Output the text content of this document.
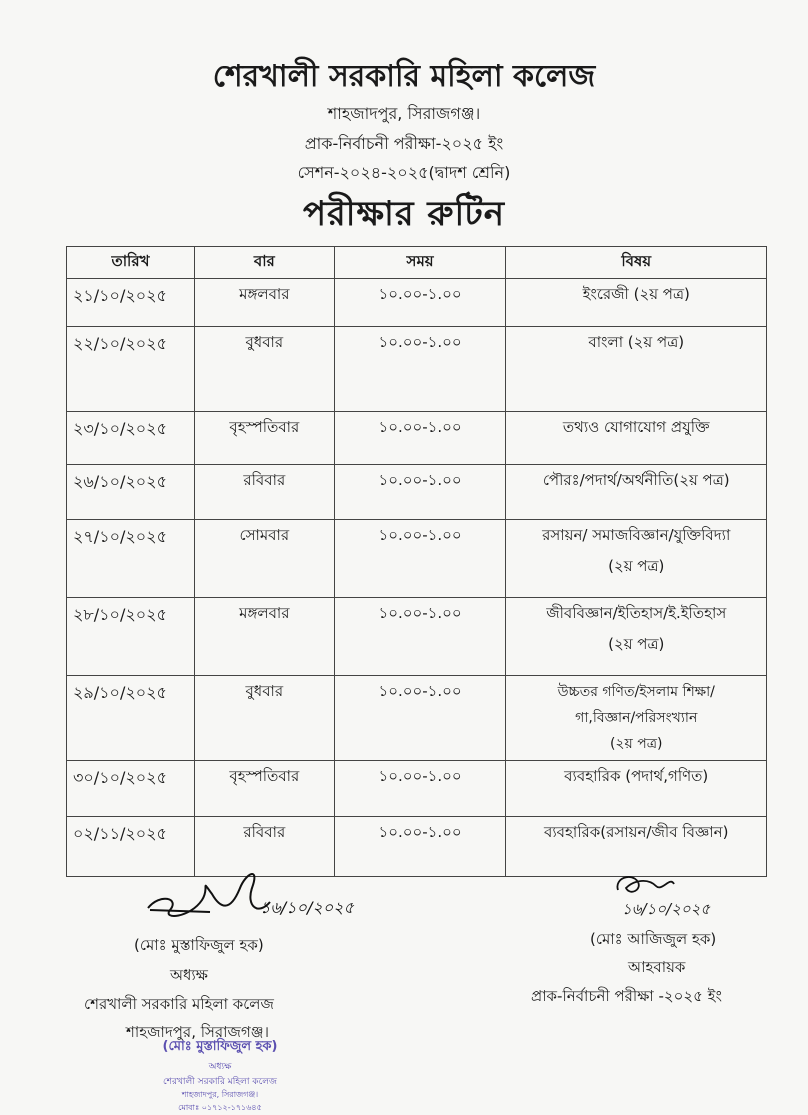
শেরখালী সরকারি মহিলা কলেজ
শাহজাদপুর, সিরাজগঞ্জ।
প্রাক-নির্বাচনী পরীক্ষা-২০২৫ ইং
সেশন-২০২৪-২০২৫(দ্বাদশ শ্রেনি)
পরীক্ষার রুটিন
তারিখ	বার	সময়	বিষয়
২১/১০/২০২৫	মঙ্গলবার	১০.০০-১.০০	ইংরেজী (২য় পত্র)
২২/১০/২০২৫	বুধবার	১০.০০-১.০০	বাংলা (২য় পত্র)
২৩/১০/২০২৫	বৃহস্পতিবার	১০.০০-১.০০	তথ্যও যোগাযোগ প্রযুক্তি
২৬/১০/২০২৫	রবিবার	১০.০০-১.০০	পৌরঃ/পদার্থ/অর্থনীতি(২য় পত্র)
২৭/১০/২০২৫	সোমবার	১০.০০-১.০০	রসায়ন/ সমাজবিজ্ঞান/যুক্তিবিদ্যা
(২য় পত্র)

২৮/১০/২০২৫	মঙ্গলবার	১০.০০-১.০০	জীববিজ্ঞান/ইতিহাস/ই.ইতিহাস
(২য় পত্র)

২৯/১০/২০২৫	বুধবার	১০.০০-১.০০	উচ্চতর গণিত/ইসলাম শিক্ষা/
গা,বিজ্ঞান/পরিসংখ্যান
(২য় পত্র)

৩০/১০/২০২৫	বৃহস্পতিবার	১০.০০-১.০০	ব্যবহারিক (পদার্থ,গণিত)
০২/১১/২০২৫	রবিবার	১০.০০-১.০০	ব্যবহারিক(রসায়ন/জীব বিজ্ঞান)
১৬/১০/২০২৫
(মোঃ মুস্তাফিজুল হক)
অধ্যক্ষ
শেরখালী সরকারি মহিলা কলেজ
শাহজাদপুর, সিরাজগঞ্জ।
(মোঃ মুস্তাফিজুল হক)
অধ্যক্ষ
শেরখালী সরকারি মহিলা কলেজ
শাহজাদপুর, সিরাজগঞ্জ।
মোবাঃ ০১৭১২-১৭১৬৪৫
১৬/১০/২০২৫
(মোঃ আজিজুল হক)
আহবায়ক
প্রাক-নির্বাচনী পরীক্ষা -২০২৫ ইং
